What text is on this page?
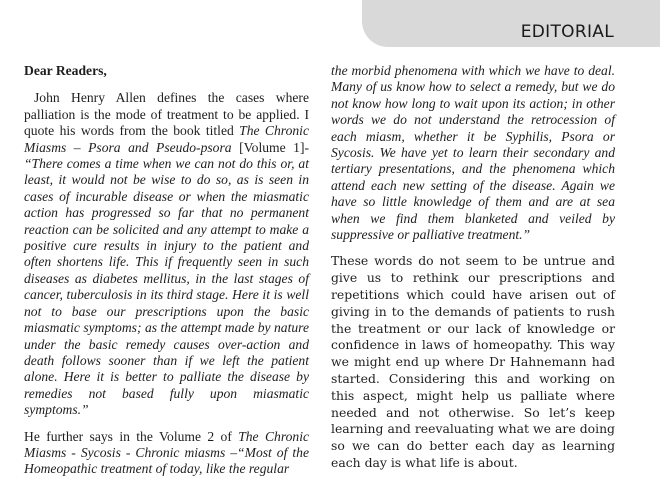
EDITORIAL
Dear Readers,

John Henry Allen defines the cases where palliation is the mode of treatment to be applied. I quote his words from the book titled The Chronic Miasms – Psora and Pseudo-psora [Volume 1]- “There comes a time when we can not do this or, at least, it would not be wise to do so, as is seen in cases of incurable disease or when the miasmatic action has progressed so far that no permanent reaction can be solicited and any attempt to make a positive cure results in injury to the patient and often shortens life. This if frequently seen in such diseases as diabetes mellitus, in the last stages of cancer, tuberculosis in its third stage. Here it is well not to base our prescriptions upon the basic miasmatic symptoms; as the attempt made by nature under the basic remedy causes over-action and death follows sooner than if we left the patient alone. Here it is better to palliate the disease by remedies not based fully upon miasmatic symptoms.”

He further says in the Volume 2 of The Chronic Miasms - Sycosis - Chronic miasms –“Most of the Homeopathic treatment of today, like the regular

the morbid phenomena with which we have to deal. Many of us know how to select a remedy, but we do not know how long to wait upon its action; in other words we do not understand the retrocession of each miasm, whether it be Syphilis, Psora or Sycosis. We have yet to learn their secondary and tertiary presentations, and the phenomena which attend each new setting of the disease. Again we have so little knowledge of them and are at sea when we find them blanketed and veiled by suppressive or palliative treatment.”

These words do not seem to be untrue and give us to rethink our prescriptions and repetitions which could have arisen out of giving in to the demands of patients to rush the treatment or our lack of knowledge or confidence in laws of homeopathy. This way we might end up where Dr Hahnemann had started. Considering this and working on this aspect, might help us palliate where needed and not otherwise. So let’s keep learning and reevaluating what we are doing so we can do better each day as learning each day is what life is about.
